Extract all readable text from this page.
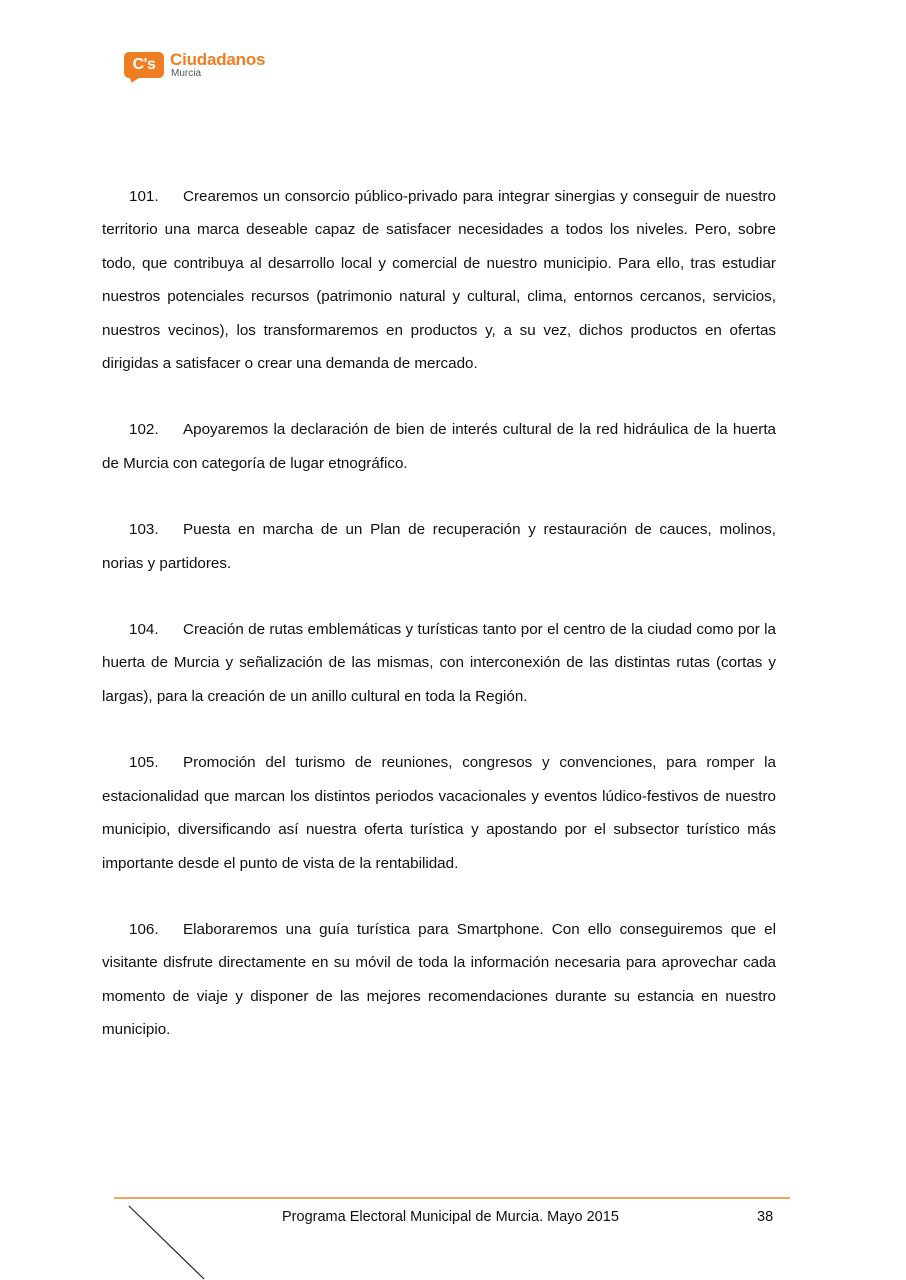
C's Ciudadanos
Murcia

101. Crearemos un consorcio público-privado para integrar sinergias y conseguir de nuestro territorio una marca deseable capaz de satisfacer necesidades a todos los niveles. Pero, sobre todo, que contribuya al desarrollo local y comercial de nuestro municipio. Para ello, tras estudiar nuestros potenciales recursos (patrimonio natural y cultural, clima, entornos cercanos, servicios, nuestros vecinos), los transformaremos en productos y, a su vez, dichos productos en ofertas dirigidas a satisfacer o crear una demanda de mercado.

102. Apoyaremos la declaración de bien de interés cultural de la red hidráulica de la huerta de Murcia con categoría de lugar etnográfico.

103. Puesta en marcha de un Plan de recuperación y restauración de cauces, molinos, norias y partidores.

104. Creación de rutas emblemáticas y turísticas tanto por el centro de la ciudad como por la huerta de Murcia y señalización de las mismas, con interconexión de las distintas rutas (cortas y largas), para la creación de un anillo cultural en toda la Región.

105. Promoción del turismo de reuniones, congresos y convenciones, para romper la estacionalidad que marcan los distintos periodos vacacionales y eventos lúdico-festivos de nuestro municipio, diversificando así nuestra oferta turística y apostando por el subsector turístico más importante desde el punto de vista de la rentabilidad.

106. Elaboraremos una guía turística para Smartphone. Con ello conseguiremos que el visitante disfrute directamente en su móvil de toda la información necesaria para aprovechar cada momento de viaje y disponer de las mejores recomendaciones durante su estancia en nuestro municipio.

Programa Electoral Municipal de Murcia. Mayo 2015	38
